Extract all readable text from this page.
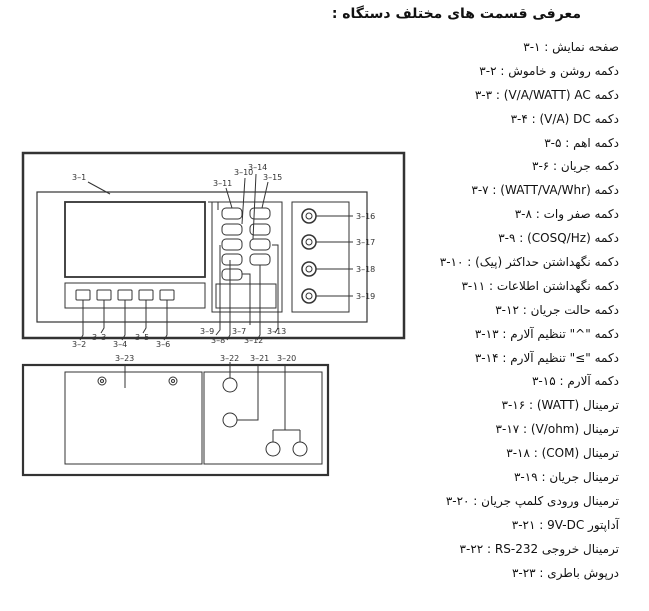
معرفی قسمت های مختلف دستگاه :
۳-۱ : صفحه نمایش
۳-۲ : دکمه روشن و خاموش
۳-۳ : دکمه V/A/WATT) AC)
۳-۴ : دکمه V/A) DC)
۳-۵ : دکمه اهم
۳-۶ : دکمه جریان
۳-۷ : دکمه (WATT/VA/Whr)
۳-۸ : دکمه صفر وات
۳-۹ : دکمه (COSQ/Hz)
۳-۱۰ : دکمه نگهداشتن حداکثر (پیک)
۳-۱۱ : دکمه نگهداشتن اطلاعات
۳-۱۲ : دکمه حالت جریان
۳-۱۳ : دکمه "^" تنظیم آلارم
۳-۱۴ : دکمه "≥" تنظیم آلارم
۳-۱۵ : دکمه آلارم
۳-۱۶ : ترمینال (WATT)
۳-۱۷ : ترمینال (V/ohm)
۳-۱۸ : ترمینال (COM)
۳-۱۹ : ترمینال جریان
۳-۲۰ : ترمینال ورودی کلمپ جریان
۳-۲۱ : آداپتور 9V-DC
۳-۲۲ : ترمینال خروجی RS-232
۳-۲۳ : درپوش باطری
3–1
3–2
3–3
3–4
3–5
3–6
3–7
3–8
3–9
3–10
3–11
3–12
3–13
3–14
3–15
3–16
3–17
3–18
3–19
3–20
3–21
3–22
3–23
